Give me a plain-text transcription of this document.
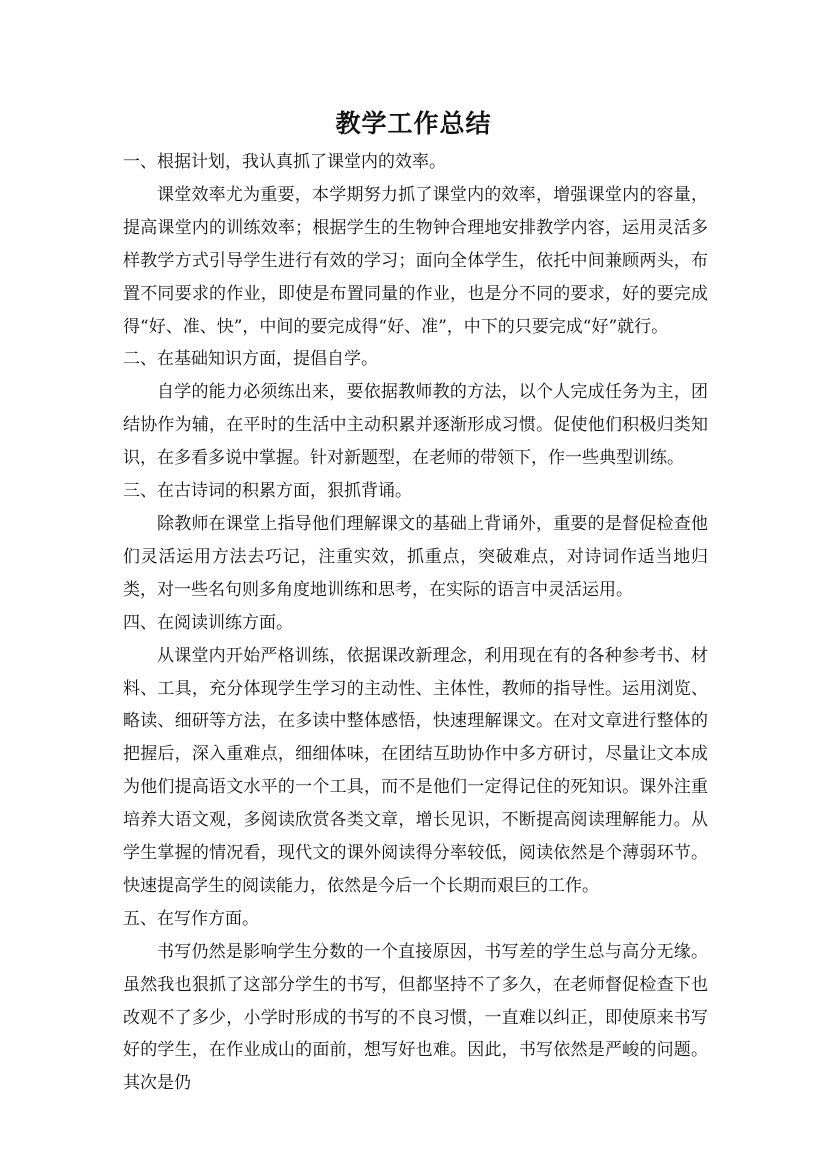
教学工作总结

一、根据计划，我认真抓了课堂内的效率。

课堂效率尤为重要，本学期努力抓了课堂内的效率，增强课堂内的容量，提高课堂内的训练效率；根据学生的生物钟合理地安排教学内容，运用灵活多样教学方式引导学生进行有效的学习；面向全体学生，依托中间兼顾两头，布置不同要求的作业，即使是布置同量的作业，也是分不同的要求，好的要完成得“好、准、快”，中间的要完成得“好、准”，中下的只要完成“好”就行。

二、在基础知识方面，提倡自学。

自学的能力必须练出来，要依据教师教的方法，以个人完成任务为主，团结协作为辅，在平时的生活中主动积累并逐渐形成习惯。促使他们积极归类知识，在多看多说中掌握。针对新题型，在老师的带领下，作一些典型训练。

三、在古诗词的积累方面，狠抓背诵。

除教师在课堂上指导他们理解课文的基础上背诵外，重要的是督促检查他们灵活运用方法去巧记，注重实效，抓重点，突破难点，对诗词作适当地归类，对一些名句则多角度地训练和思考，在实际的语言中灵活运用。

四、在阅读训练方面。

从课堂内开始严格训练，依据课改新理念，利用现在有的各种参考书、材料、工具，充分体现学生学习的主动性、主体性，教师的指导性。运用浏览、略读、细研等方法，在多读中整体感悟，快速理解课文。在对文章进行整体的把握后，深入重难点，细细体味，在团结互助协作中多方研讨，尽量让文本成为他们提高语文水平的一个工具，而不是他们一定得记住的死知识。课外注重培养大语文观，多阅读欣赏各类文章，增长见识，不断提高阅读理解能力。从学生掌握的情况看，现代文的课外阅读得分率较低，阅读依然是个薄弱环节。快速提高学生的阅读能力，依然是今后一个长期而艰巨的工作。

五、在写作方面。

书写仍然是影响学生分数的一个直接原因，书写差的学生总与高分无缘。虽然我也狠抓了这部分学生的书写，但都坚持不了多久，在老师督促检查下也改观不了多少，小学时形成的书写的不良习惯，一直难以纠正，即使原来书写好的学生，在作业成山的面前，想写好也难。因此，书写依然是严峻的问题。其次是仍
